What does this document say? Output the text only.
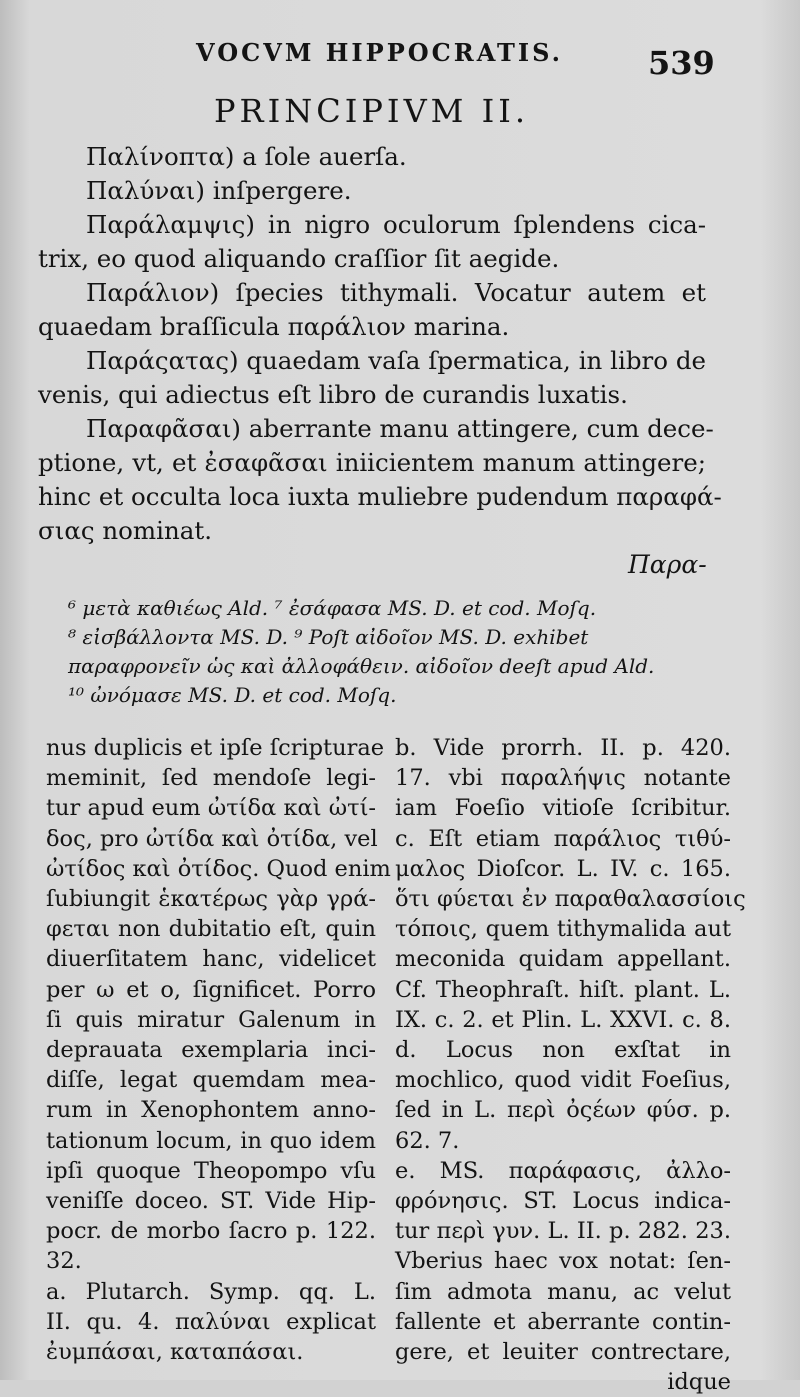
VOCVM HIPPOCRATIS.	539
PRINCIPIVM II.
Παλίνοπτα) a ſole auerſa.
Παλύναι) inſpergere.
Παράλαμψις) in nigro oculorum ſplendens cica-
trix, eo quod aliquando craſſior ſit aegide.
Παράλιον) ſpecies tithymali. Vocatur autem et
quaedam braſſicula παράλιον marina.
Παράςατας) quaedam vaſa ſpermatica, in libro de
venis, qui adiectus eſt libro de curandis luxatis.
Παραφᾶσαι) aberrante manu attingere, cum dece-
ptione, vt, et ἐσαφᾶσαι iniicientem manum attingere;
hinc et occulta loca iuxta muliebre pudendum παραφά-
σιας nominat.
Παρα-
⁶ μετὰ καθιέως Ald. ⁷ ἐσάφασα MS. D. et cod. Moſq.
⁸ εἰσβάλλοντα MS. D. ⁹ Poſt αἰδοῖον MS. D. exhibet
παραφρονεῖν ὡς καὶ ἀλλοφάθειν. αἰδοῖον deeſt apud Ald.
¹⁰ ὠνόμασε MS. D. et cod. Moſq.
nus duplicis et ipſe ſcripturae
meminit, ſed mendoſe legi-
tur apud eum ὠτίδα καὶ ὠτί-
δος, pro ὠτίδα καὶ ὀτίδα, vel
ὠτίδος καὶ ὀτίδος. Quod enim
ſubiungit ἑκατέρως γὰρ γρά-
φεται non dubitatio eſt, quin
diuerſitatem hanc, videlicet
per ω et ο, ſignificet. Porro
ſi quis miratur Galenum in
deprauata exemplaria inci-
diſſe, legat quemdam mea-
rum in Xenophontem anno-
tationum locum, in quo idem
ipſi quoque Theopompo vſu
veniſſe doceo. ST. Vide Hip-
pocr. de morbo ſacro p. 122.
32.
a. Plutarch. Symp. qq. L.
II. qu. 4. παλύναι explicat
ἐυμπάσαι, καταπάσαι.
b. Vide prorrh. II. p. 420.
17. vbi παραλήψις notante
iam Foeſio vitioſe ſcribitur.
c. Eſt etiam παράλιος τιθύ-
μαλος Dioſcor. L. IV. c. 165.
ὅτι φύεται ἐν παραθαλασσίοις
τόποις, quem tithymalida aut
meconida quidam appellant.
Cf. Theophraſt. hiſt. plant. L.
IX. c. 2. et Plin. L. XXVI. c. 8.
d. Locus non exſtat in
mochlico, quod vidit Foeſius,
ſed in L. περὶ ὀςέων φύσ. p.
62. 7.
e. MS. παράφασις, ἀλλο-
φρόνησις. ST. Locus indica-
tur περὶ γυν. L. II. p. 282. 23.
Vberius haec vox notat: ſen-
ſim admota manu, ac velut
fallente et aberrante contin-
gere, et leuiter contrectare,
idque
